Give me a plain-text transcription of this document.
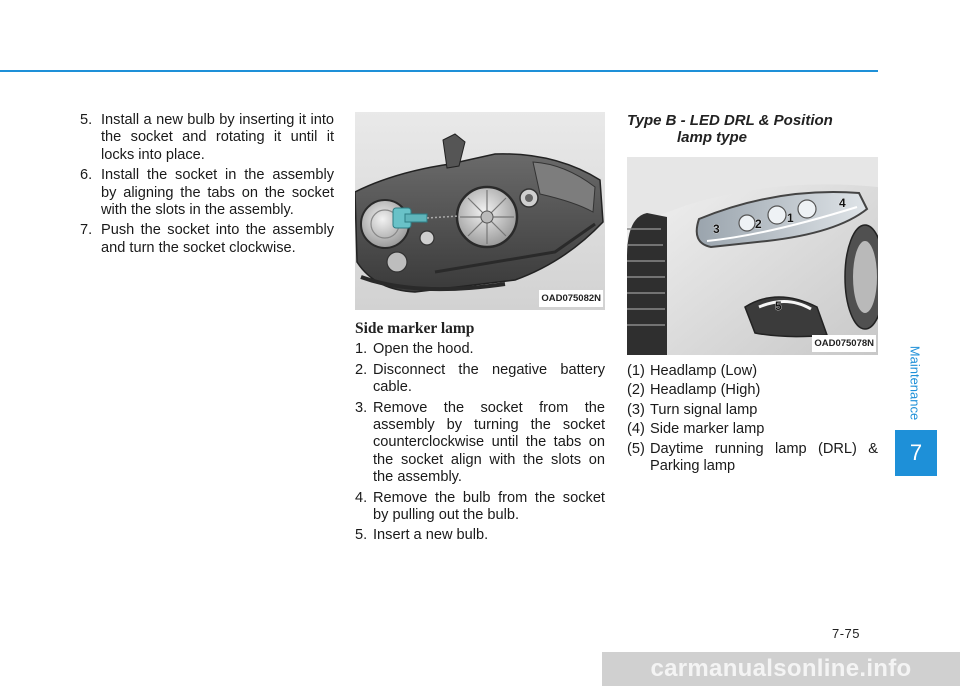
5. Install a new bulb by inserting it into the socket and rotating it until it locks into place.
6. Install the socket in the assembly by aligning the tabs on the socket with the slots in the assembly.
7. Push the socket into the assembly and turn the socket clockwise.
OAD075082N
Side marker lamp
1. Open the hood.
2. Disconnect the negative battery cable.
3. Remove the socket from the assembly by turning the socket counterclockwise until the tabs on the socket align with the slots on the assembly.
4. Remove the bulb from the socket by pulling out the bulb.
5. Insert a new bulb.
Type B - LED DRL & Position
lamp type
1
2
3
4
5
OAD075078N
(1) Headlamp (Low)
(2) Headlamp (High)
(3) Turn signal lamp
(4) Side marker lamp
(5) Daytime running lamp (DRL) & Parking lamp
Maintenance
7
7-75
carmanualsonline.info
